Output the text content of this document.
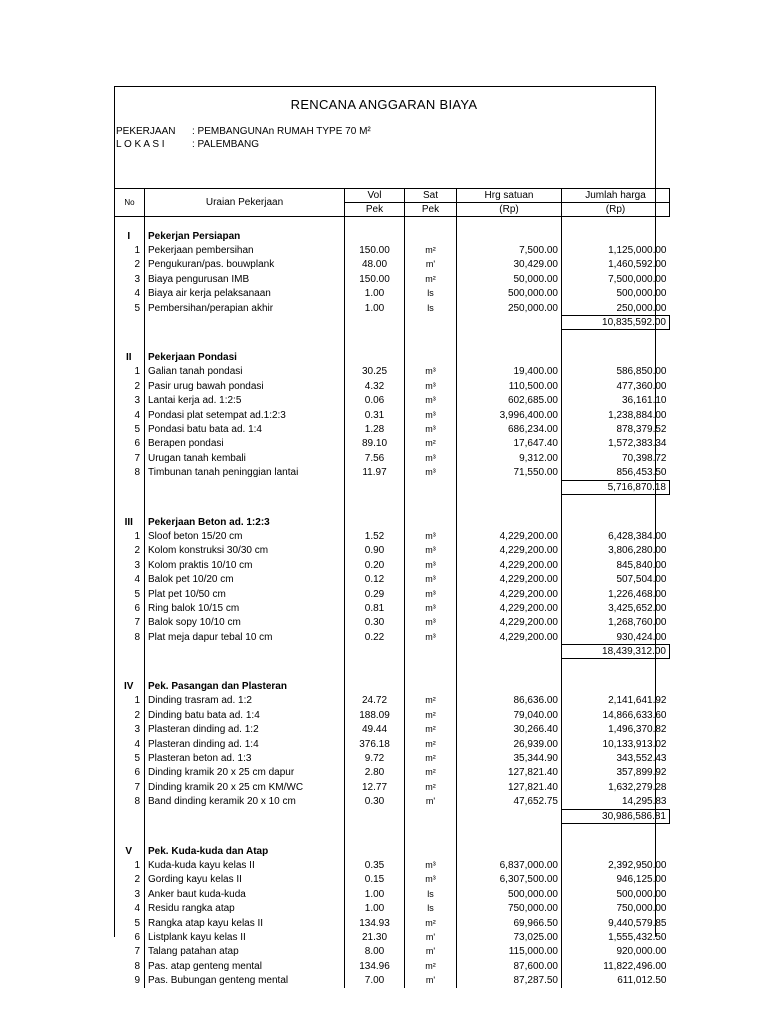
RENCANA ANGGARAN BIAYA
PEKERJAAN : PEMBANGUNAn RUMAH TYPE 70 M²
L O K A S I	: PALEMBANG
No	Uraian Pekerjaan	Vol	Sat	Hrg satuan	Jumlah harga
		Pek	Pek	(Rp)	(Rp)

I	Pekerjan Persiapan				
1	Pekerjaan pembersihan	150.00	m²	7,500.00	1,125,000.00
2	Pengukuran/pas. bouwplank	48.00	m'	30,429.00	1,460,592.00
3	Biaya pengurusan IMB	150.00	m²	50,000.00	7,500,000.00
4	Biaya air kerja pelaksanaan	1.00	ls	500,000.00	500,000.00
5	Pembersihan/perapian akhir	1.00	ls	250,000.00	250,000.00
					10,835,592.00

II	Pekerjaan Pondasi				
1	Galian tanah pondasi	30.25	m³	19,400.00	586,850.00
2	Pasir urug bawah pondasi	4.32	m³	110,500.00	477,360.00
3	Lantai kerja ad. 1:2:5	0.06	m³	602,685.00	36,161.10
4	Pondasi plat setempat ad.1:2:3	0.31	m³	3,996,400.00	1,238,884.00
5	Pondasi batu bata ad. 1:4	1.28	m³	686,234.00	878,379.52
6	Berapen pondasi	89.10	m²	17,647.40	1,572,383.34
7	Urugan tanah kembali	7.56	m³	9,312.00	70,398.72
8	Timbunan tanah peninggian lantai	11.97	m³	71,550.00	856,453.50
					5,716,870.18

III	Pekerjaan Beton ad. 1:2:3				
1	Sloof beton 15/20 cm	1.52	m³	4,229,200.00	6,428,384.00
2	Kolom konstruksi 30/30 cm	0.90	m³	4,229,200.00	3,806,280.00
3	Kolom praktis 10/10 cm	0.20	m³	4,229,200.00	845,840.00
4	Balok pet 10/20 cm	0.12	m³	4,229,200.00	507,504.00
5	Plat pet 10/50 cm	0.29	m³	4,229,200.00	1,226,468.00
6	Ring balok 10/15 cm	0.81	m³	4,229,200.00	3,425,652.00
7	Balok sopy 10/10 cm	0.30	m³	4,229,200.00	1,268,760.00
8	Plat meja dapur tebal 10 cm	0.22	m³	4,229,200.00	930,424.00
					18,439,312.00

IV	Pek. Pasangan dan Plasteran				
1	Dinding trasram ad. 1:2	24.72	m²	86,636.00	2,141,641.92
2	Dinding batu bata ad. 1:4	188.09	m²	79,040.00	14,866,633.60
3	Plasteran dinding ad. 1:2	49.44	m²	30,266.40	1,496,370.82
4	Plasteran dinding ad. 1:4	376.18	m²	26,939.00	10,133,913.02
5	Plasteran beton ad. 1:3	9.72	m²	35,344.90	343,552.43
6	Dinding kramik 20 x 25 cm dapur	2.80	m²	127,821.40	357,899.92
7	Dinding kramik 20 x 25 cm KM/WC	12.77	m²	127,821.40	1,632,279.28
8	Band dinding keramik 20 x 10 cm	0.30	m'	47,652.75	14,295.83
					30,986,586.81

V	Pek. Kuda-kuda dan Atap				
1	Kuda-kuda kayu kelas II	0.35	m³	6,837,000.00	2,392,950.00
2	Gording kayu kelas II	0.15	m³	6,307,500.00	946,125.00
3	Anker baut kuda-kuda	1.00	ls	500,000.00	500,000.00
4	Residu rangka atap	1.00	ls	750,000.00	750,000.00
5	Rangka atap kayu kelas II	134.93	m²	69,966.50	9,440,579.85
6	Listplank kayu kelas II	21.30	m'	73,025.00	1,555,432.50
7	Talang patahan atap	8.00	m'	115,000.00	920,000.00
8	Pas. atap genteng mental	134.96	m²	87,600.00	11,822,496.00
9	Pas. Bubungan genteng mental	7.00	m'	87,287.50	611,012.50
